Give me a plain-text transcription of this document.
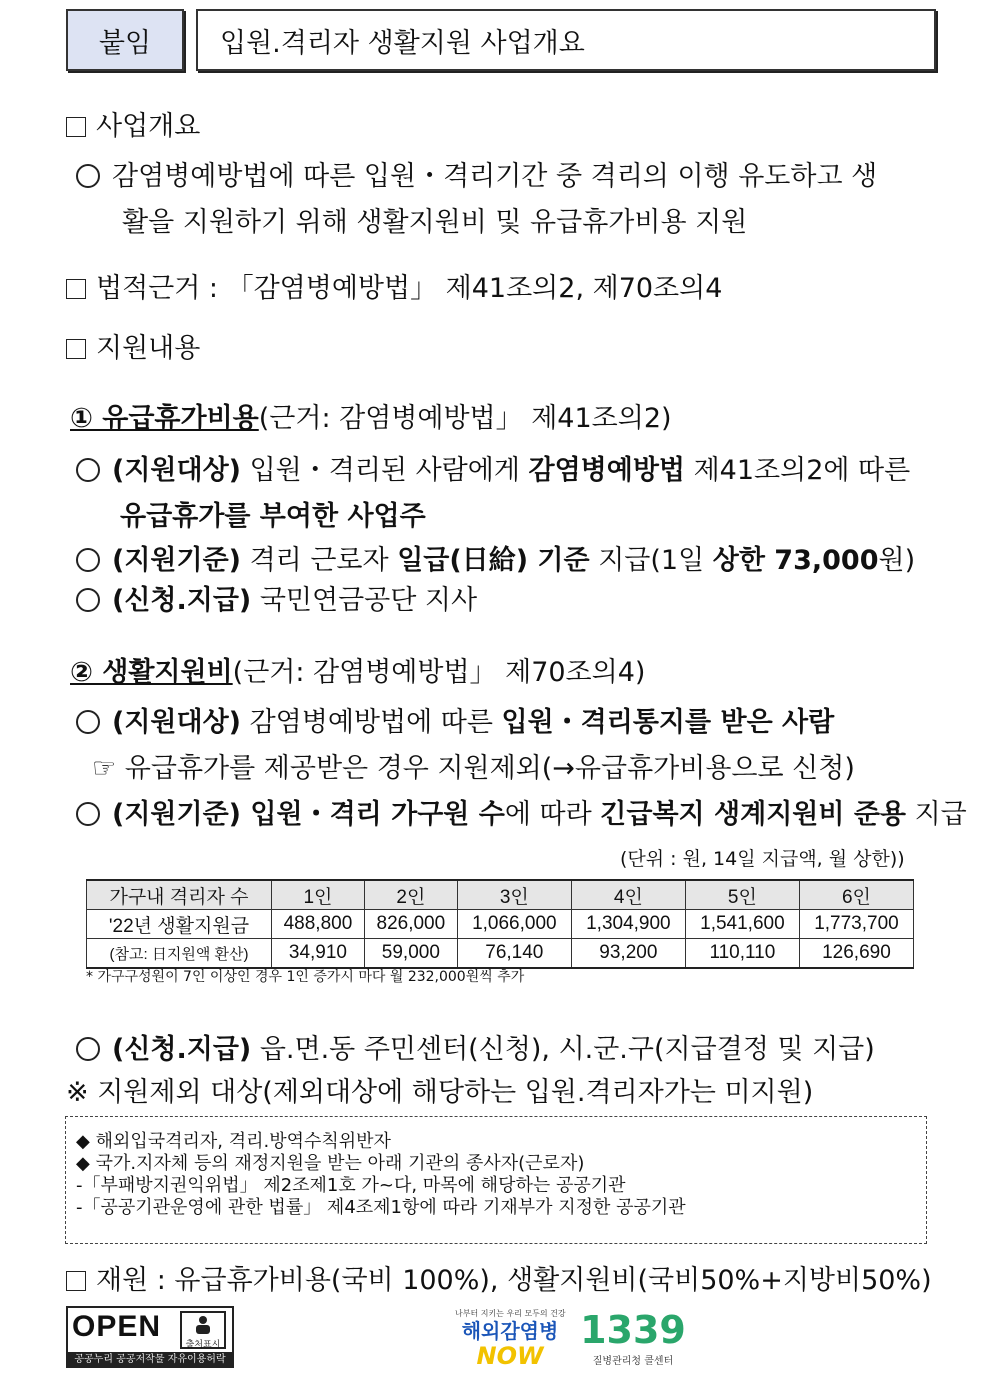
붙임	입원.격리자 생활지원 사업개요
사업개요
감염병예방법에 따른 입원・격리기간 중 격리의 이행 유도하고 생
활을 지원하기 위해 생활지원비 및 유급휴가비용 지원
법적근거 : 「감염병예방법」 제41조의2, 제70조의4
지원내용
① 유급휴가비용(근거: 감염병예방법」 제41조의2)
(지원대상) 입원・격리된 사람에게 감염병예방법 제41조의2에 따른
유급휴가를 부여한 사업주
(지원기준) 격리 근로자 일급(日給) 기준 지급(1일 상한 73,000원)
(신청.지급) 국민연금공단 지사
② 생활지원비(근거: 감염병예방법」 제70조의4)
(지원대상) 감염병예방법에 따른 입원・격리통지를 받은 사람
☞ 유급휴가를 제공받은 경우 지원제외(→유급휴가비용으로 신청)
(지원기준) 입원・격리 가구원 수에 따라 긴급복지 생계지원비 준용 지급
(단위 : 원, 14일 지급액, 월 상한))
가구내 격리자 수	1인	2인	3인	4인	5인	6인
'22년 생활지원금	488,800	826,000	1,066,000	1,304,900	1,541,600	1,773,700
(참고: 日지원액 환산)	34,910	59,000	76,140	93,200	110,110	126,690
* 가구구성원이 7인 이상인 경우 1인 증가시 마다 월 232,000원씩 추가
(신청.지급) 읍.면.동 주민센터(신청), 시.군.구(지급결정 및 지급)
※ 지원제외 대상(제외대상에 해당하는 입원.격리자가는 미지원)
◆ 해외입국격리자, 격리.방역수칙위반자
◆ 국가.지자체 등의 재정지원을 받는 아래 기관의 종사자(근로자)
-「부패방지권익위법」 제2조제1호 가~다, 마목에 해당하는 공공기관
-「공공기관운영에 관한 법률」 제4조제1항에 따라 기재부가 지정한 공공기관
재원 : 유급휴가비용(국비 100%), 생활지원비(국비50%+지방비50%)
OPEN
출처표시
공공누리 공공저작물 자유이용허락
나부터 지키는 우리 모두의 건강
해외감염병
NOW
1339
질병관리청 콜센터
